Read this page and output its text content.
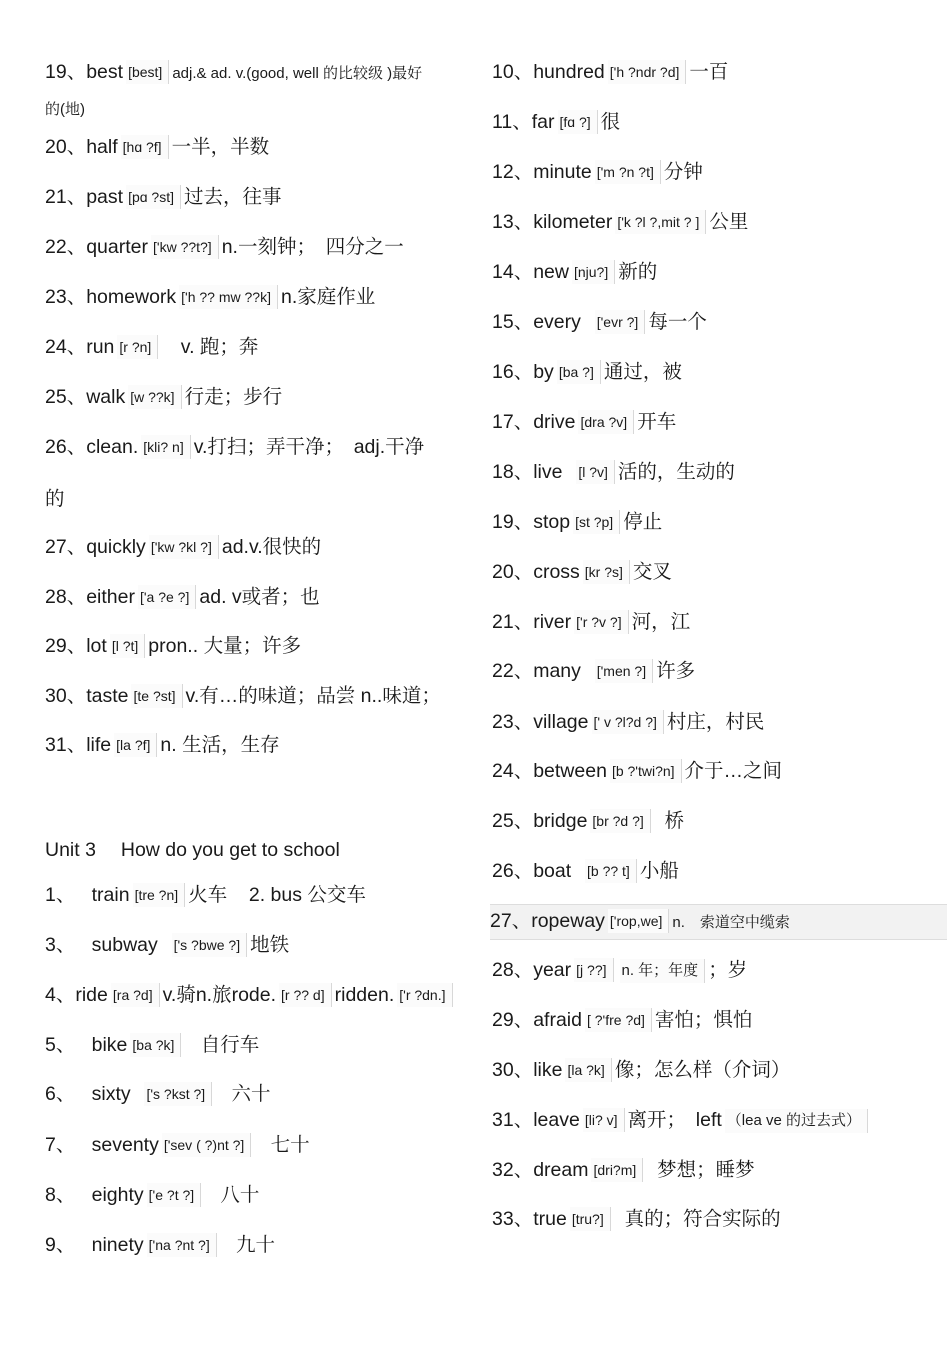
19、best [best] adj.& ad. v.(good, well 的比较级 )最好
的(地)
20、half [hɑ ?f] 一半，半数
21、past [pɑ ?st] 过去，往事
22、quarter ['kw ??t?] n.一刻钟；　四分之一
23、homework ['h ?? mw ??k] n.家庭作业
24、run [r ?n]　v. 跑；奔
25、walk [w ??k] 行走；步行
26、clean. [kli? n] v.打扫；弄干净；　adj.干净
的
27、quickly ['kw ?kl ?] ad.v.很快的
28、either ['a ?e ?] ad. v或者；也
29、lot [l ?t] pron.. 大量；许多
30、taste [te ?st] v.有…的味道；品尝 n..味道；
31、life [la ?f] n. 生活，生存
Unit 3　 How do you get to school
1、 train [tre ?n] 火车 2. bus 公交车
3、 subway ['s ?bwe ?] 地铁
4、ride [ra ?d] v.骑n.旅rode. [r ?? d] ridden. ['r ?dn.]
5、 bike [ba ?k] 自行车
6、 sixty ['s ?kst ?] 六十
7、 seventy ['sev ( ?)nt ?] 七十
8、 eighty ['e ?t ?] 八十
9、 ninety ['na ?nt ?] 九十
10、hundred ['h ?ndr ?d] 一百
11、far [fɑ ?] 很
12、minute ['m ?n ?t] 分钟
13、kilometer ['k ?l ?,mit ? ] 公里
14、new [nju?] 新的
15、every ['evr ?] 每一个
16、by [ba ?] 通过，被
17、drive [dra ?v] 开车
18、live [l ?v] 活的，生动的
19、stop [st ?p] 停止
20、cross [kr ?s] 交叉
21、river ['r ?v ?] 河，江
22、many ['men ?] 许多
23、village [' v ?l?d ?] 村庄，村民
24、between [b ?'twi?n] 介于…之间
25、bridge [br ?d ?] 桥
26、boat [b ?? t] 小船
27、ropeway ['rop,we] n.　索道空中缆索
28、year [j ??] n. 年；年度 ；岁
29、afraid [ ?'fre ?d] 害怕；惧怕
30、like [la ?k] 像；怎么样（介词）
31、leave [li? v] 离开；　left （lea ve 的过去式）
32、dream [dri?m] 梦想；睡梦
33、true [tru?] 真的；符合实际的
